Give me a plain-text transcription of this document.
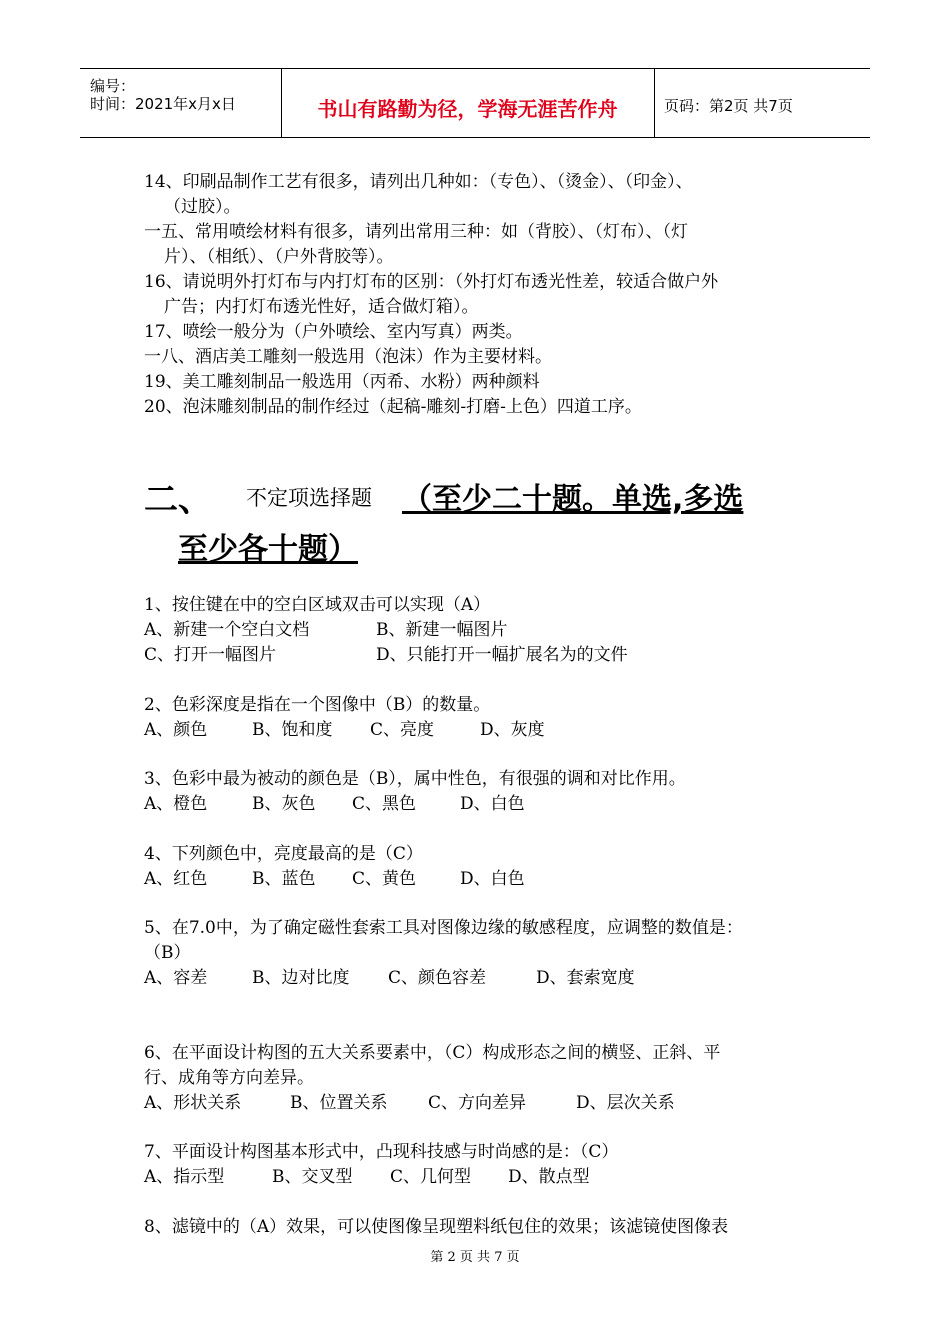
编号：
时间：2021年x月x日	书山有路勤为径，学海无涯苦作舟	页码：第2页 共7页
14、印刷品制作工艺有很多，请列出几种如：（专色）、（烫金）、（印金）、
（过胶）。
一五、常用喷绘材料有很多，请列出常用三种：如（背胶）、（灯布）、（灯
片）、（相纸）、（户外背胶等）。
16、请说明外打灯布与内打灯布的区别：（外打灯布透光性差，较适合做户外
广告；内打灯布透光性好，适合做灯箱）。
17、喷绘一般分为（户外喷绘、室内写真）两类。
一八、酒店美工雕刻一般选用（泡沫）作为主要材料。
19、美工雕刻制品一般选用（丙希、水粉）两种颜料
20、泡沫雕刻制品的制作经过（起稿-雕刻-打磨-上色）四道工序。
二、 不定项选择题 （至少二十题。单选,多选
至少各十题）
1、按住键在中的空白区域双击可以实现（A）
A、新建一个空白文档	B、新建一幅图片
C、打开一幅图片	D、只能打开一幅扩展名为的文件
2、色彩深度是指在一个图像中（B）的数量。
A、颜色	B、饱和度 C、亮度	D、灰度
3、色彩中最为被动的颜色是（B），属中性色，有很强的调和对比作用。
A、橙色	B、灰色 C、黑色	D、白色
4、下列颜色中，亮度最高的是（C）
A、红色	B、蓝色 C、黄色	D、白色
5、在7.0中，为了确定磁性套索工具对图像边缘的敏感程度，应调整的数值是：
（B）
A、容差	B、边对比度 C、颜色容差	D、套索宽度
6、在平面设计构图的五大关系要素中，（C）构成形态之间的横竖、正斜、平
行、成角等方向差异。
A、形状关系	B、位置关系 C、方向差异	D、层次关系
7、平面设计构图基本形式中，凸现科技感与时尚感的是：（C）
A、指示型	B、交叉型 C、几何型 D、散点型
8、滤镜中的（A）效果，可以使图像呈现塑料纸包住的效果；该滤镜使图像表
第 2 页 共 7 页
